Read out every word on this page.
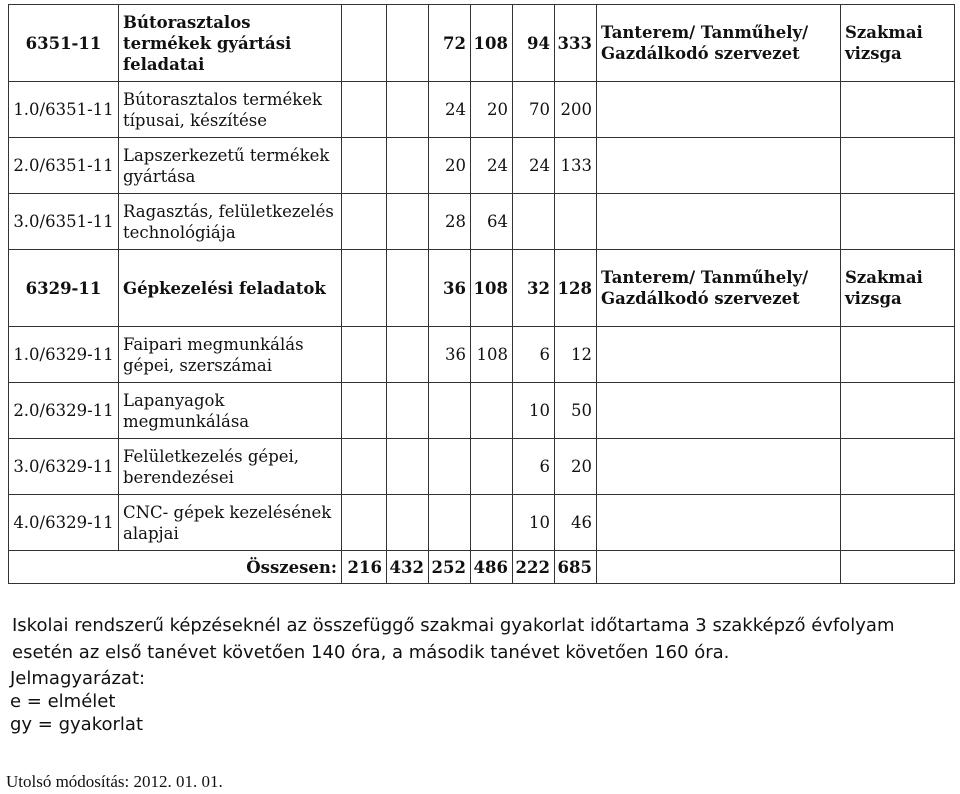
6351-11	Bútorasztalos termékek gyártási feladatai			72	108	94	333	Tanterem/ Tanműhely/ Gazdálkodó szervezet	Szakmai vizsga
1.0/6351-11	Bútorasztalos termékek típusai, készítése			24	20	70	200		
2.0/6351-11	Lapszerkezetű termékek gyártása			20	24	24	133		
3.0/6351-11	Ragasztás, felületkezelés technológiája			28	64				
6329-11	Gépkezelési feladatok			36	108	32	128	Tanterem/ Tanműhely/ Gazdálkodó szervezet	Szakmai vizsga
1.0/6329-11	Faipari megmunkálás gépei, szerszámai			36	108	6	12		
2.0/6329-11	Lapanyagok megmunkálása					10	50		
3.0/6329-11	Felületkezelés gépei, berendezései					6	20		
4.0/6329-11	CNC- gépek kezelésének alapjai					10	46		
	Összesen:	216	432	252	486	222	685		

Iskolai rendszerű képzéseknél az összefüggő szakmai gyakorlat időtartama 3 szakképző évfolyam esetén az első tanévet követően 140 óra, a második tanévet követően 160 óra.

Jelmagyarázat:
e = elmélet
gy = gyakorlat
Utolsó módosítás: 2012. 01. 01.
